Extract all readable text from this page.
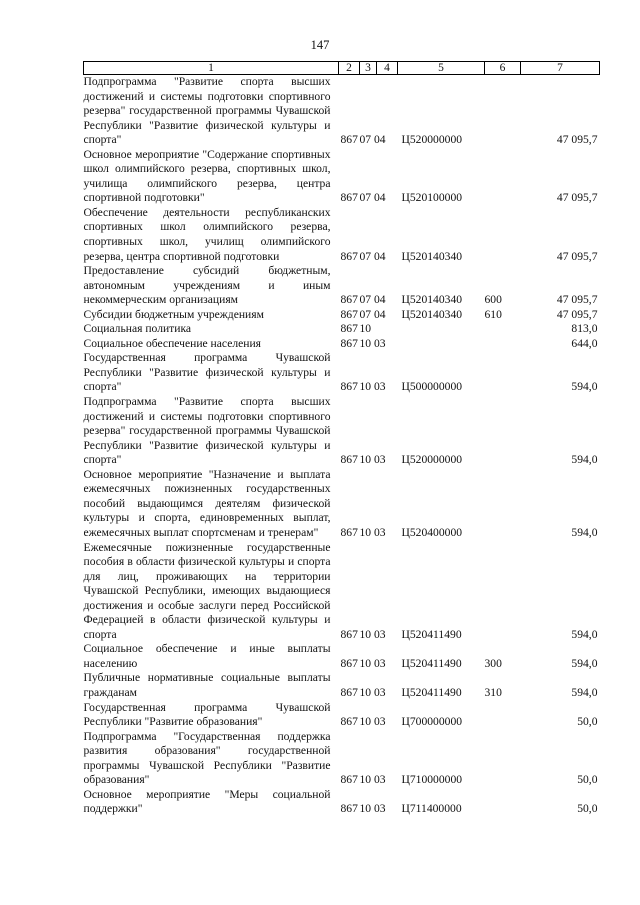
147
1	2	3	4	5	6	7
Подпрограмма "Развитие спорта высших достижений и системы подготовки спортивного резерва" государственной программы Чувашской Республики "Развитие физической культуры и спорта"	867	07 04		Ц520000000		47 095,7
Основное мероприятие "Содержание спортивных школ олимпийского резерва, спортивных школ, училища олимпийского резерва, центра спортивной подготовки"	867	07 04		Ц520100000		47 095,7
Обеспечение деятельности республиканских спортивных школ олимпийского резерва, спортивных школ, училищ олимпийского резерва, центра спортивной подготовки	867	07 04		Ц520140340		47 095,7
Предоставление субсидий бюджетным, автономным учреждениям и иным некоммерческим организациям	867	07 04		Ц520140340	600	47 095,7
Субсидии бюджетным учреждениям	867	07 04		Ц520140340	610	47 095,7
Социальная политика	867	10				813,0
Социальное обеспечение населения	867	10 03				644,0
Государственная программа Чувашской Республики "Развитие физической культуры и спорта"	867	10 03		Ц500000000		594,0
Подпрограмма "Развитие спорта высших достижений и системы подготовки спортивного резерва" государственной программы Чувашской Республики "Развитие физической культуры и спорта"	867	10 03		Ц520000000		594,0
Основное мероприятие "Назначение и выплата ежемесячных пожизненных государственных пособий выдающимся деятелям физической культуры и спорта, единовременных выплат, ежемесячных выплат спортсменам и тренерам"	867	10 03		Ц520400000		594,0
Ежемесячные пожизненные государственные пособия в области физической культуры и спорта для лиц, проживающих на территории Чувашской Республики, имеющих выдающиеся достижения и особые заслуги перед Российской Федерацией в области физической культуры и спорта	867	10 03		Ц520411490		594,0
Социальное обеспечение и иные выплаты населению	867	10 03		Ц520411490	300	594,0
Публичные нормативные социальные выплаты гражданам	867	10 03		Ц520411490	310	594,0
Государственная программа Чувашской Республики "Развитие образования"	867	10 03		Ц700000000		50,0
Подпрограмма "Государственная поддержка развития образования" государственной программы Чувашской Республики "Развитие образования"	867	10 03		Ц710000000		50,0
Основное мероприятие "Меры социальной поддержки"	867	10 03		Ц711400000		50,0
